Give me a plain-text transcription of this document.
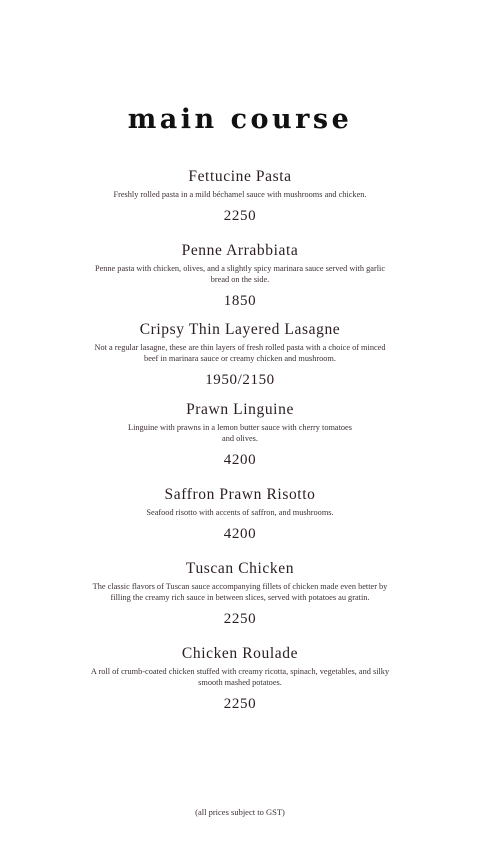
main course
Fettucine Pasta
Freshly rolled pasta in a mild béchamel sauce with mushrooms and chicken.
2250
Penne Arrabbiata
Penne pasta with chicken, olives, and a slightly spicy marinara sauce served with garlic bread on the side.
1850
Cripsy Thin Layered Lasagne
Not a regular lasagne, these are thin layers of fresh rolled pasta with a choice of minced beef in marinara sauce or creamy chicken and mushroom.
1950/2150
Prawn Linguine
Linguine with prawns in a lemon butter sauce with cherry tomatoes and olives.
4200
Saffron Prawn Risotto
Seafood risotto with accents of saffron, and mushrooms.
4200
Tuscan Chicken
The classic flavors of Tuscan sauce accompanying fillets of chicken made even better by filling the creamy rich sauce in between slices, served with potatoes au gratin.
2250
Chicken Roulade
A roll of crumb-coated chicken stuffed with creamy ricotta, spinach, vegetables, and silky smooth mashed potatoes.
2250
(all prices subject to GST)
